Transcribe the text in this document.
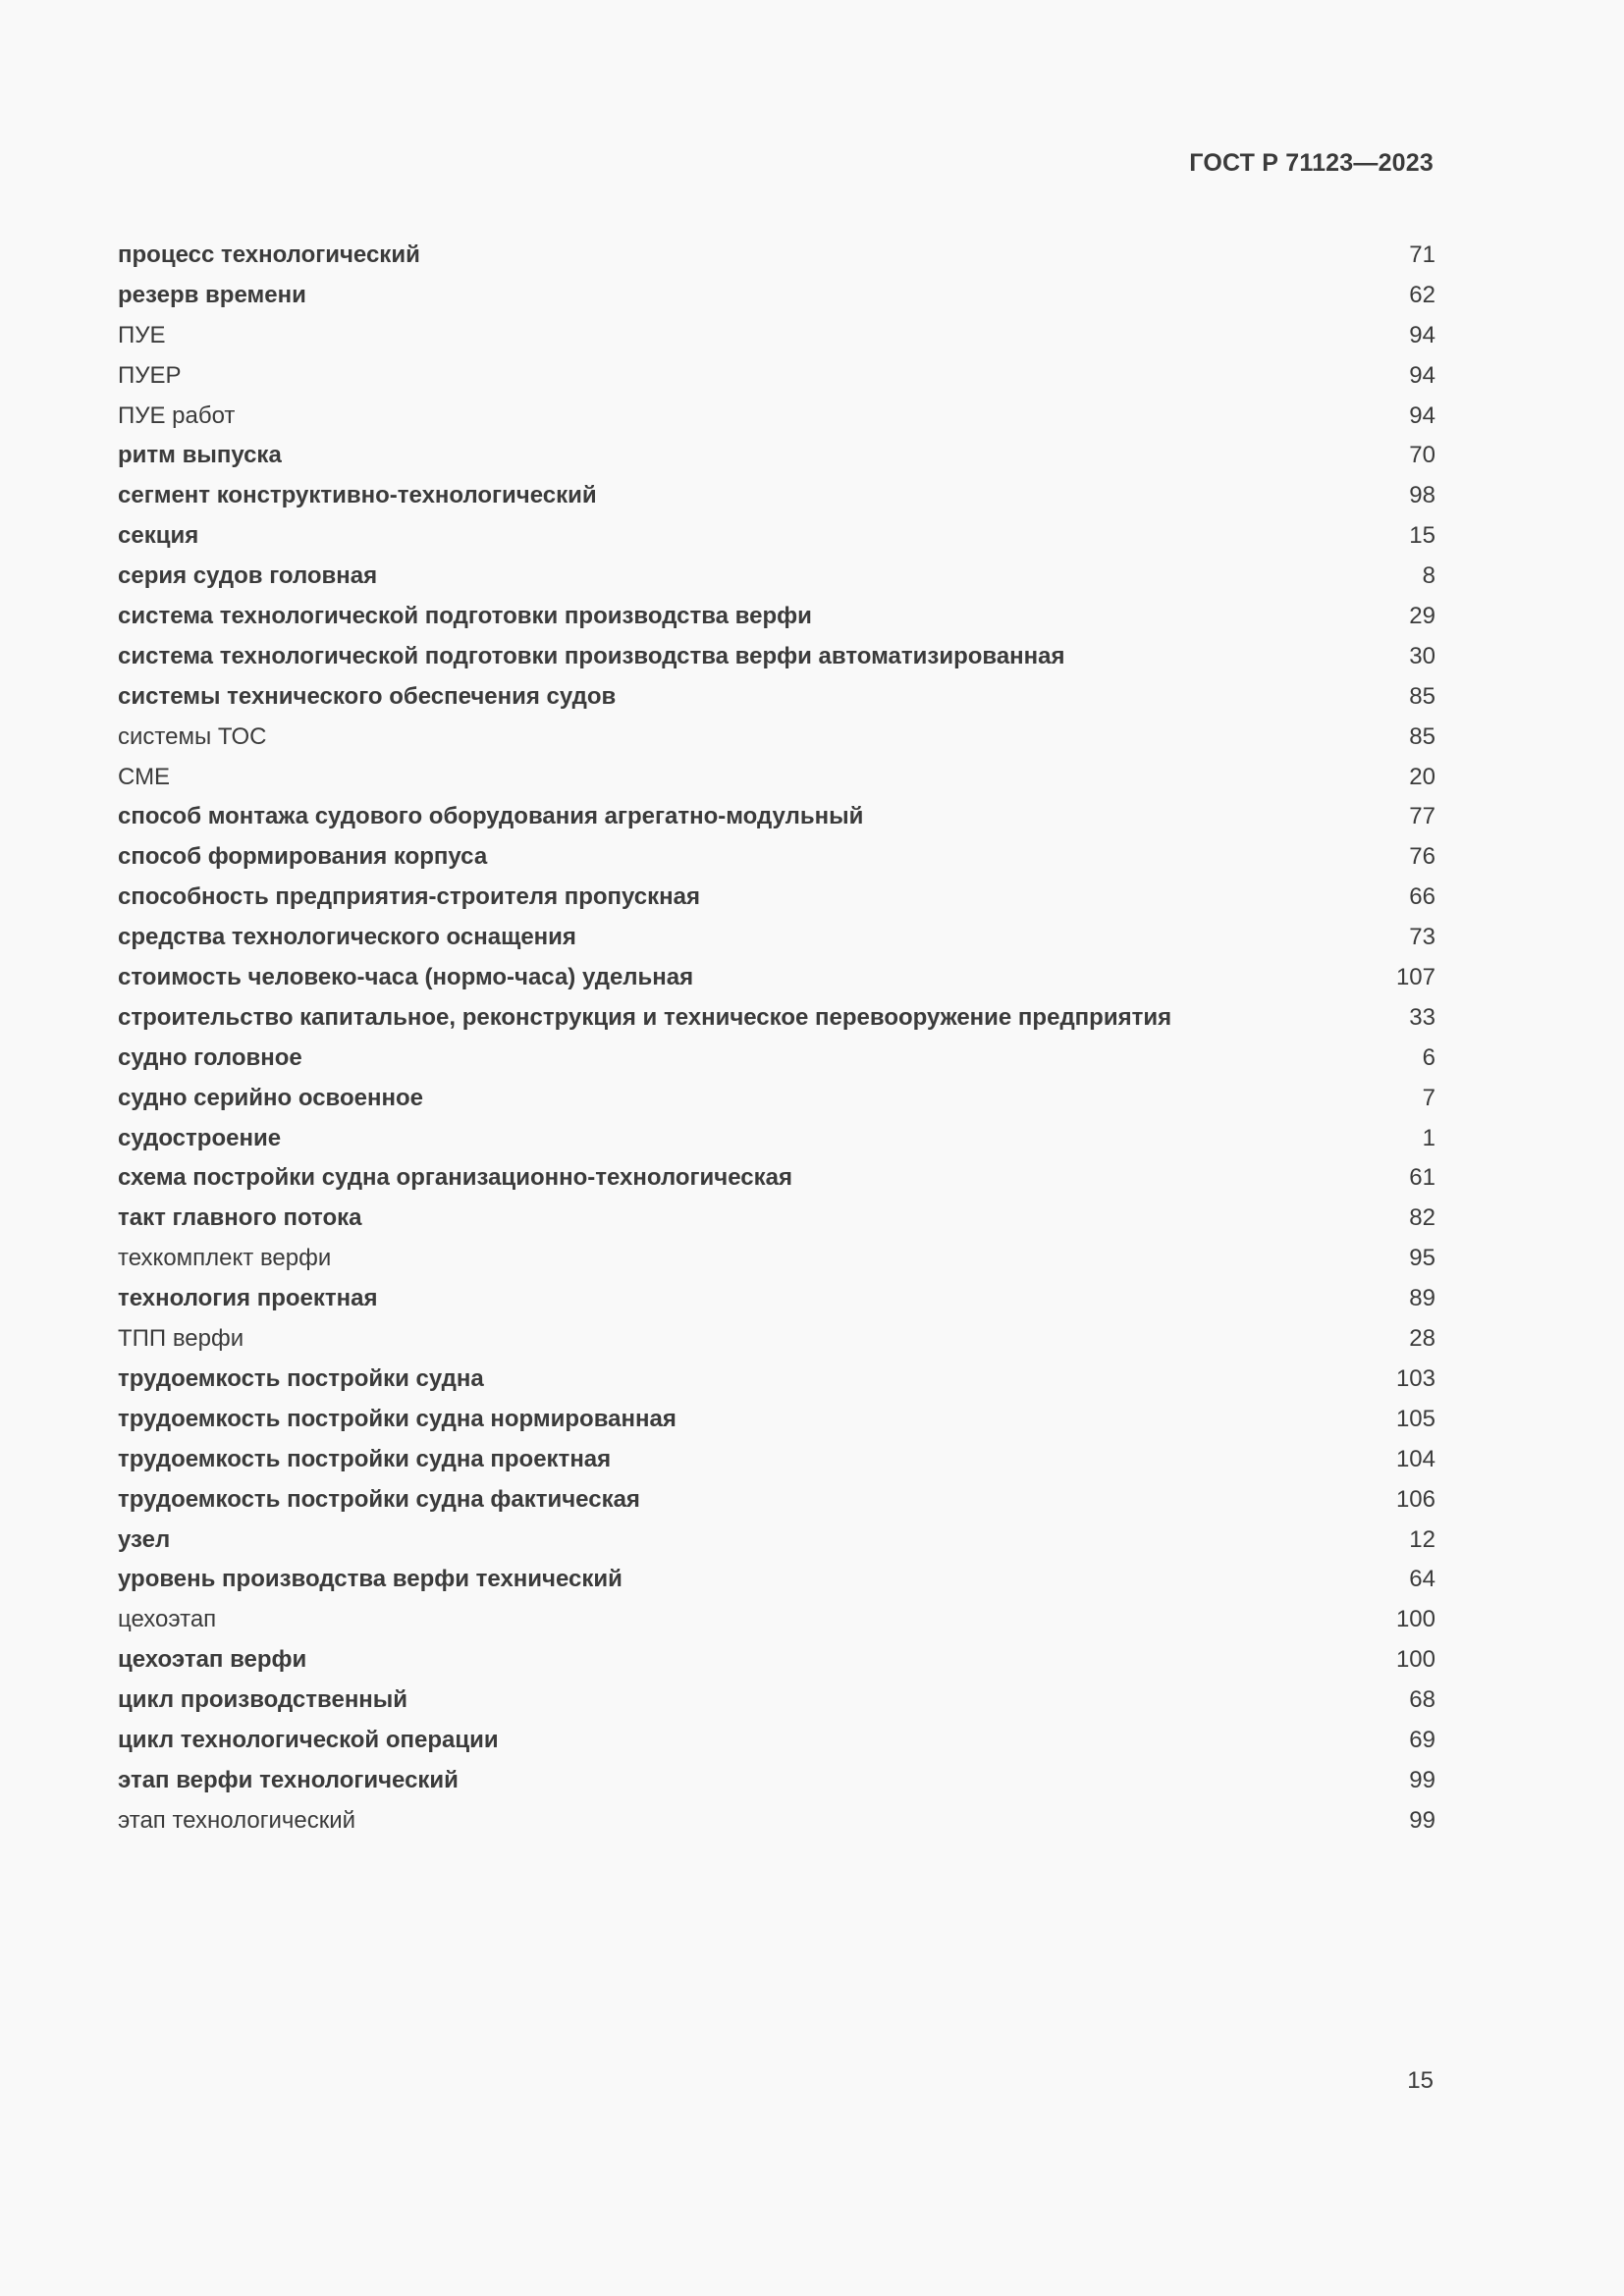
ГОСТ Р 71123—2023
процесс технологический	71
резерв времени	62
ПУЕ	94
ПУЕР	94
ПУЕ работ	94
ритм выпуска	70
сегмент конструктивно-технологический	98
секция	15
серия судов головная	8
система технологической подготовки производства верфи	29
система технологической подготовки производства верфи автоматизированная	30
системы технического обеспечения судов	85
системы ТОС	85
СМЕ	20
способ монтажа судового оборудования агрегатно-модульный	77
способ формирования корпуса	76
способность предприятия-строителя пропускная	66
средства технологического оснащения	73
стоимость человеко-часа (нормо-часа) удельная	107
строительство капитальное, реконструкция и техническое перевооружение предприятия	33
судно головное	6
судно серийно освоенное	7
судостроение	1
схема постройки судна организационно-технологическая	61
такт главного потока	82
техкомплект верфи	95
технология проектная	89
ТПП верфи	28
трудоемкость постройки судна	103
трудоемкость постройки судна нормированная	105
трудоемкость постройки судна проектная	104
трудоемкость постройки судна фактическая	106
узел	12
уровень производства верфи технический	64
цехоэтап	100
цехоэтап верфи	100
цикл производственный	68
цикл технологической операции	69
этап верфи технологический	99
этап технологический	99
15
